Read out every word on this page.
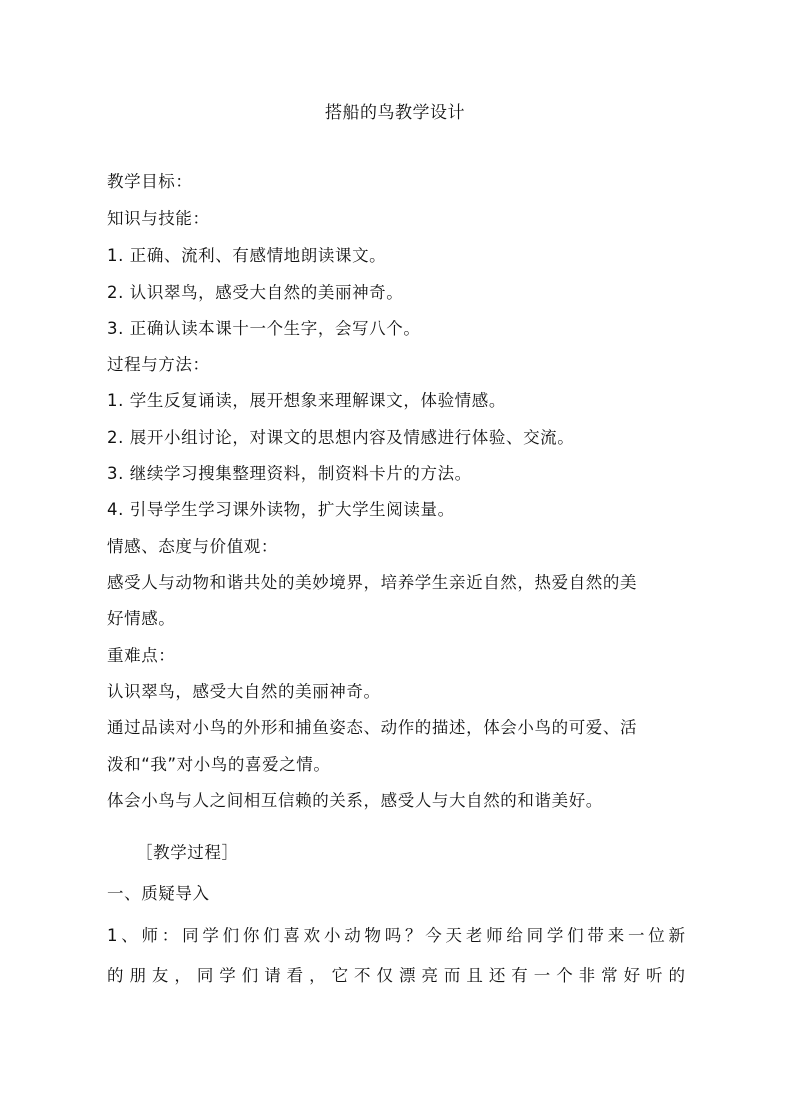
搭船的鸟教学设计
教学目标：
知识与技能：
1. 正确、流利、有感情地朗读课文。
2. 认识翠鸟，感受大自然的美丽神奇。
3. 正确认读本课十一个生字，会写八个。
过程与方法：
1. 学生反复诵读，展开想象来理解课文，体验情感。
2. 展开小组讨论，对课文的思想内容及情感进行体验、交流。
3. 继续学习搜集整理资料，制资料卡片的方法。
4. 引导学生学习课外读物，扩大学生阅读量。
情感、态度与价值观：
感受人与动物和谐共处的美妙境界，培养学生亲近自然，热爱自然的美
好情感。
重难点：
认识翠鸟，感受大自然的美丽神奇。
通过品读对小鸟的外形和捕鱼姿态、动作的描述，体会小鸟的可爱、活
泼和“我”对小鸟的喜爱之情。
体会小鸟与人之间相互信赖的关系，感受人与大自然的和谐美好。
［教学过程］
一、质疑导入
1、师：同学们你们喜欢小动物吗？今天老师给同学们带来一位新
的朋友，同学们请看，它不仅漂亮而且还有一个非常好听的
